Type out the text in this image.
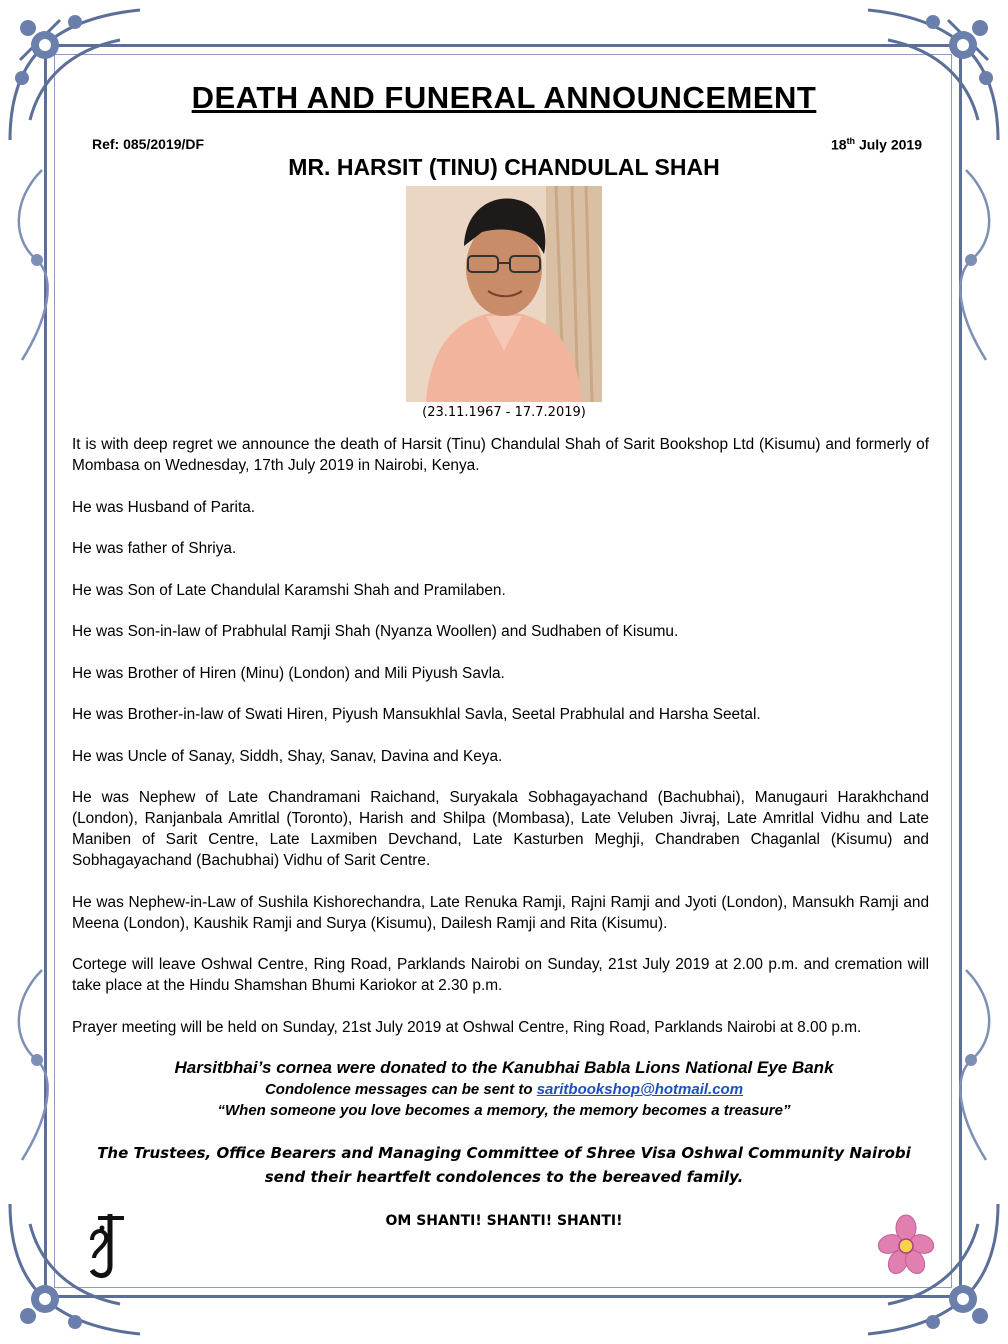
DEATH AND FUNERAL ANNOUNCEMENT
Ref: 085/2019/DF	18th July 2019
MR. HARSIT (TINU) CHANDULAL SHAH
(23.11.1967 - 17.7.2019)

It is with deep regret we announce the death of Harsit (Tinu) Chandulal Shah of Sarit Bookshop Ltd (Kisumu) and formerly of Mombasa on Wednesday, 17th July 2019 in Nairobi, Kenya.

He was Husband of Parita.

He was father of Shriya.

He was Son of Late Chandulal Karamshi Shah and Pramilaben.

He was Son-in-law of Prabhulal Ramji Shah (Nyanza Woollen) and Sudhaben of Kisumu.

He was Brother of Hiren (Minu) (London) and Mili Piyush Savla.

He was Brother-in-law of Swati Hiren, Piyush Mansukhlal Savla, Seetal Prabhulal and Harsha Seetal.

He was Uncle of Sanay, Siddh, Shay, Sanav, Davina and Keya.

He was Nephew of Late Chandramani Raichand, Suryakala Sobhagayachand (Bachubhai), Manugauri Harakhchand (London), Ranjanbala Amritlal (Toronto), Harish and Shilpa (Mombasa), Late Veluben Jivraj, Late Amritlal Vidhu and Late Maniben of Sarit Centre, Late Laxmiben Devchand, Late Kasturben Meghji, Chandraben Chaganlal (Kisumu) and Sobhagayachand (Bachubhai) Vidhu of Sarit Centre.

He was Nephew-in-Law of Sushila Kishorechandra, Late Renuka Ramji, Rajni Ramji and Jyoti (London), Mansukh Ramji and Meena (London), Kaushik Ramji and Surya (Kisumu), Dailesh Ramji and Rita (Kisumu).

Cortege will leave Oshwal Centre, Ring Road, Parklands Nairobi on Sunday, 21st July 2019 at 2.00 p.m. and cremation will take place at the Hindu Shamshan Bhumi Kariokor at 2.30 p.m.

Prayer meeting will be held on Sunday, 21st July 2019 at Oshwal Centre, Ring Road, Parklands Nairobi at 8.00 p.m.

Harsitbhai’s cornea were donated to the Kanubhai Babla Lions National Eye Bank
Condolence messages can be sent to saritbookshop@hotmail.com
“When someone you love becomes a memory, the memory becomes a treasure”
The Trustees, Office Bearers and Managing Committee of Shree Visa Oshwal Community Nairobi
send their heartfelt condolences to the bereaved family.
OM SHANTI! SHANTI! SHANTI!
